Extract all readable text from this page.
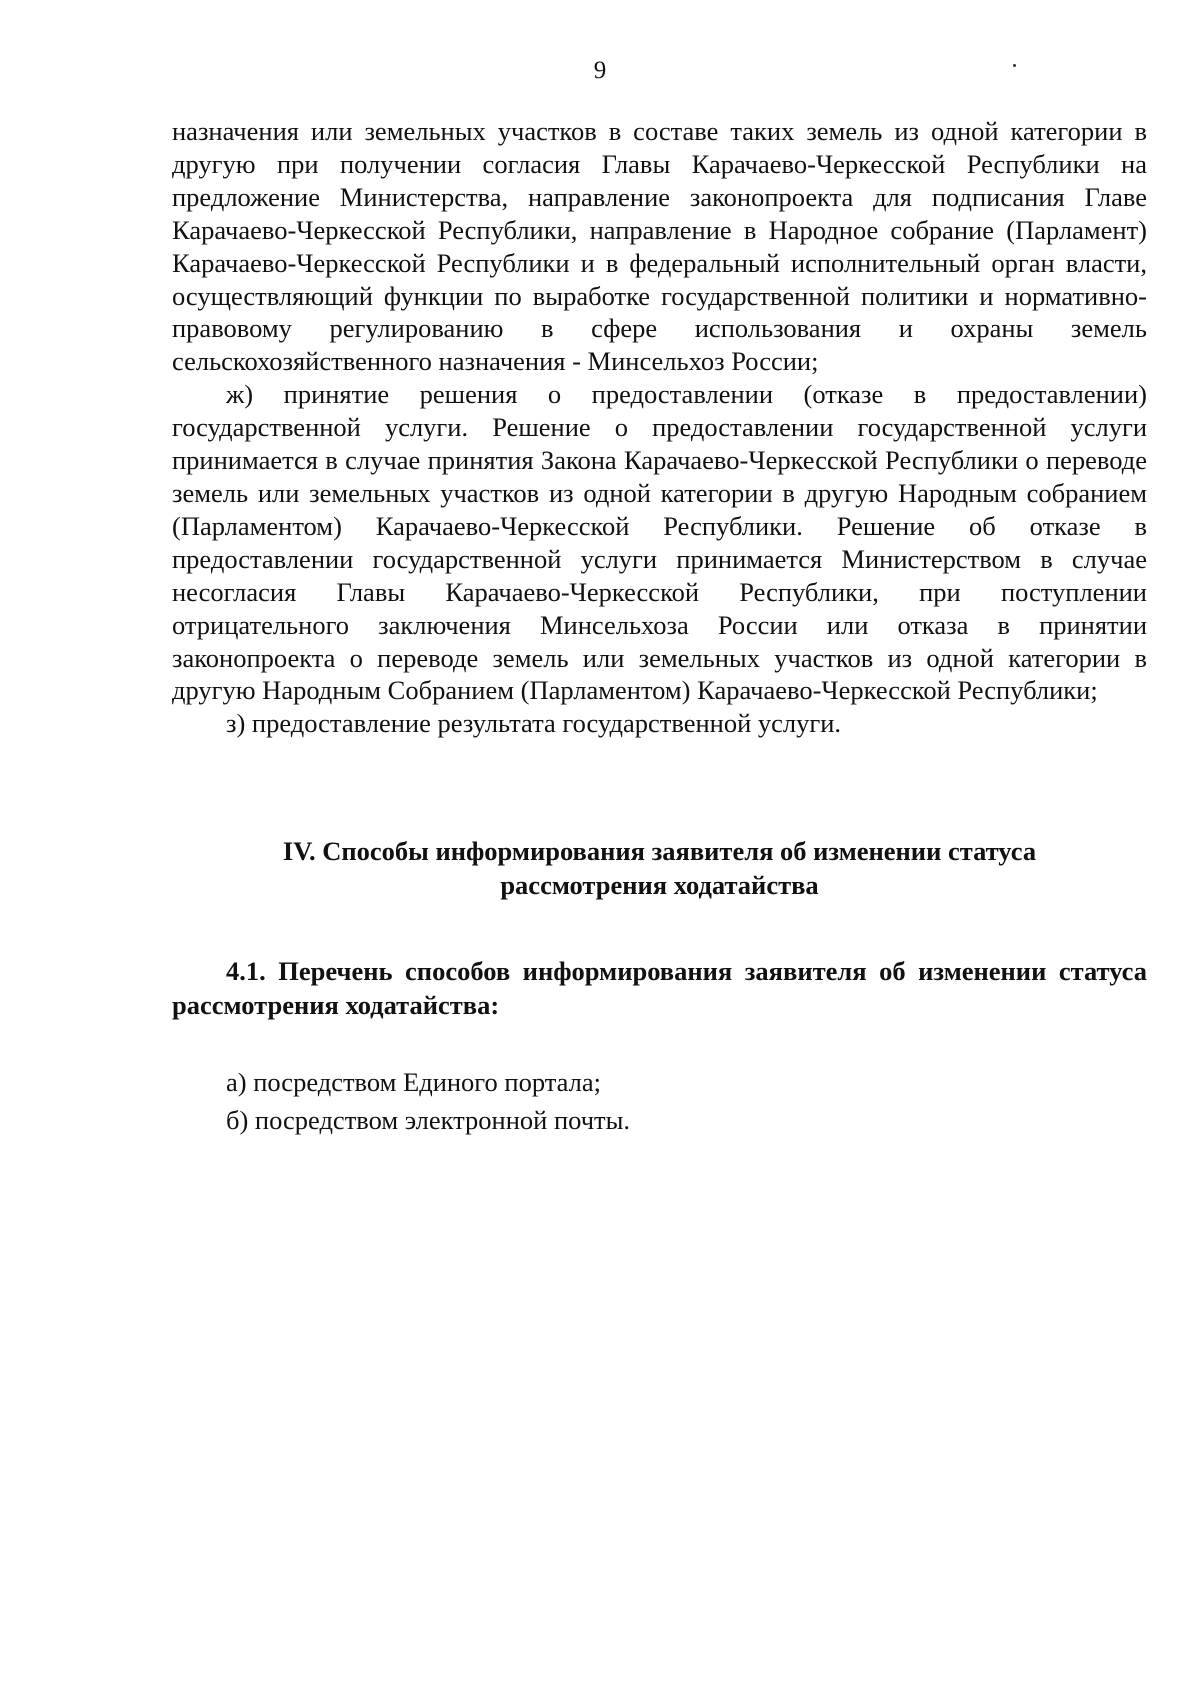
9

назначения или земельных участков в составе таких земель из одной категории в другую при получении согласия Главы Карачаево-Черкесской Республики на предложение Министерства, направление законопроекта для подписания Главе Карачаево-Черкесской Республики, направление в Народное собрание (Парламент) Карачаево-Черкесской Республики и в федеральный исполнительный орган власти, осуществляющий функции по выработке государственной политики и нормативно-правовому регулированию в сфере использования и охраны земель сельскохозяйственного назначения - Минсельхоз России;

ж) принятие решения о предоставлении (отказе в предоставлении) государственной услуги. Решение о предоставлении государственной услуги принимается в случае принятия Закона Карачаево-Черкесской Республики о переводе земель или земельных участков из одной категории в другую Народным собранием (Парламентом) Карачаево-Черкесской Республики. Решение об отказе в предоставлении государственной услуги принимается Министерством в случае несогласия Главы Карачаево-Черкесской Республики, при поступлении отрицательного заключения Минсельхоза России или отказа в принятии законопроекта о переводе земель или земельных участков из одной категории в другую Народным Собранием (Парламентом) Карачаево-Черкесской Республики;

з) предоставление результата государственной услуги.

IV. Способы информирования заявителя об изменении статуса
рассмотрения ходатайства

4.1. Перечень способов информирования заявителя об изменении статуса рассмотрения ходатайства:

а) посредством Единого портала;
б) посредством электронной почты.
